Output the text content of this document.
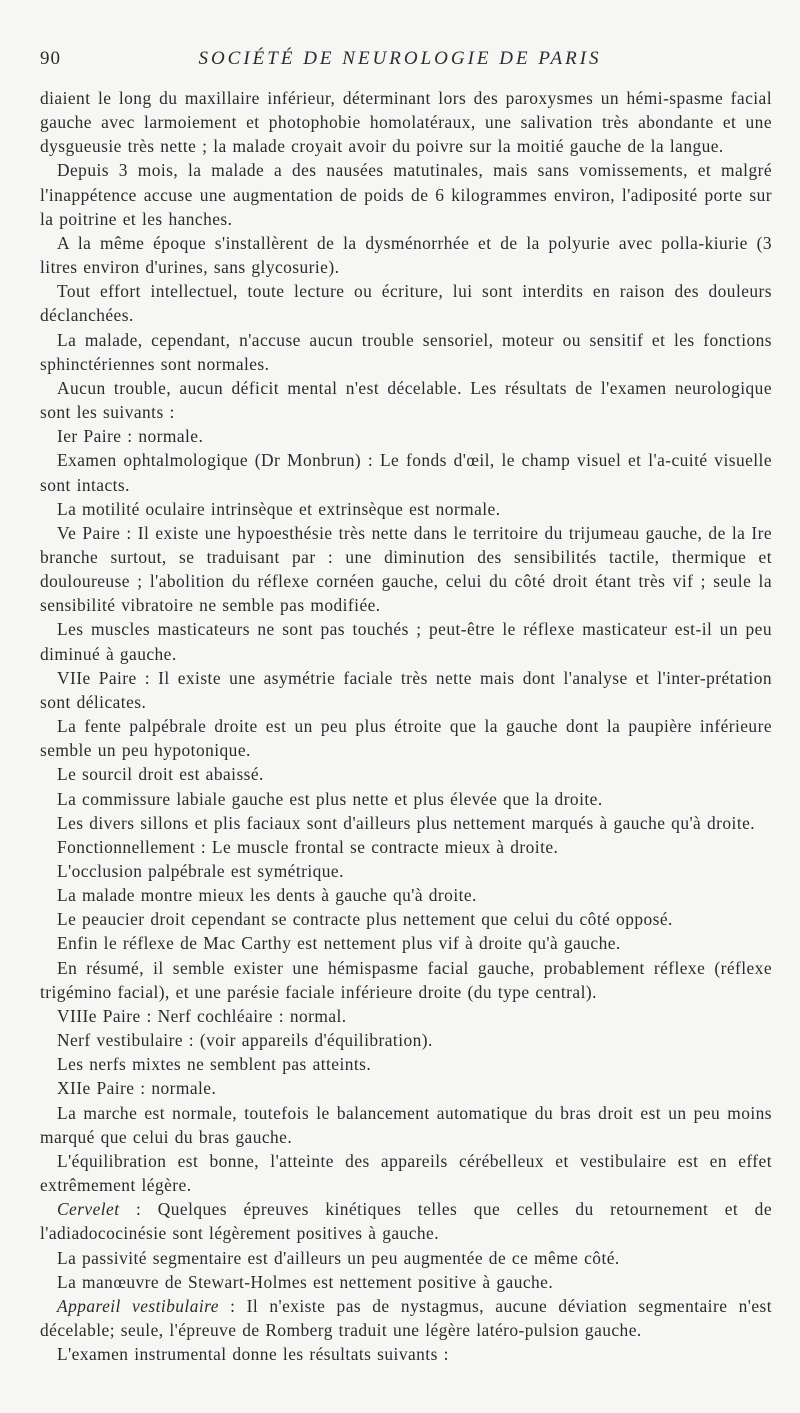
90	SOCIÉTÉ DE NEUROLOGIE DE PARIS

diaient le long du maxillaire inférieur, déterminant lors des paroxysmes un hémi-spasme facial gauche avec larmoiement et photophobie homolatéraux, une salivation très abondante et une dysgueusie très nette ; la malade croyait avoir du poivre sur la moitié gauche de la langue.

Depuis 3 mois, la malade a des nausées matutinales, mais sans vomissements, et malgré l'inappétence accuse une augmentation de poids de 6 kilogrammes environ, l'adiposité porte sur la poitrine et les hanches.

A la même époque s'installèrent de la dysménorrhée et de la polyurie avec polla-kiurie (3 litres environ d'urines, sans glycosurie).

Tout effort intellectuel, toute lecture ou écriture, lui sont interdits en raison des douleurs déclanchées.

La malade, cependant, n'accuse aucun trouble sensoriel, moteur ou sensitif et les fonctions sphinctériennes sont normales.

Aucun trouble, aucun déficit mental n'est décelable. Les résultats de l'examen neurologique sont les suivants :

Ier Paire : normale.

Examen ophtalmologique (Dr Monbrun) : Le fonds d'œil, le champ visuel et l'a-cuité visuelle sont intacts.

La motilité oculaire intrinsèque et extrinsèque est normale.

Ve Paire : Il existe une hypoesthésie très nette dans le territoire du trijumeau gauche, de la Ire branche surtout, se traduisant par : une diminution des sensibilités tactile, thermique et douloureuse ; l'abolition du réflexe cornéen gauche, celui du côté droit étant très vif ; seule la sensibilité vibratoire ne semble pas modifiée.

Les muscles masticateurs ne sont pas touchés ; peut-être le réflexe masticateur est-il un peu diminué à gauche.

VIIe Paire : Il existe une asymétrie faciale très nette mais dont l'analyse et l'inter-prétation sont délicates.

La fente palpébrale droite est un peu plus étroite que la gauche dont la paupière inférieure semble un peu hypotonique.

Le sourcil droit est abaissé.

La commissure labiale gauche est plus nette et plus élevée que la droite.

Les divers sillons et plis faciaux sont d'ailleurs plus nettement marqués à gauche qu'à droite.

Fonctionnellement : Le muscle frontal se contracte mieux à droite.

L'occlusion palpébrale est symétrique.

La malade montre mieux les dents à gauche qu'à droite.

Le peaucier droit cependant se contracte plus nettement que celui du côté opposé.

Enfin le réflexe de Mac Carthy est nettement plus vif à droite qu'à gauche.

En résumé, il semble exister une hémispasme facial gauche, probablement réflexe (réflexe trigémino facial), et une parésie faciale inférieure droite (du type central).

VIIIe Paire : Nerf cochléaire : normal.

Nerf vestibulaire : (voir appareils d'équilibration).

Les nerfs mixtes ne semblent pas atteints.

XIIe Paire : normale.

La marche est normale, toutefois le balancement automatique du bras droit est un peu moins marqué que celui du bras gauche.

L'équilibration est bonne, l'atteinte des appareils cérébelleux et vestibulaire est en effet extrêmement légère.

Cervelet : Quelques épreuves kinétiques telles que celles du retournement et de l'adiadococinésie sont légèrement positives à gauche.

La passivité segmentaire est d'ailleurs un peu augmentée de ce même côté.

La manœuvre de Stewart-Holmes est nettement positive à gauche.

Appareil vestibulaire : Il n'existe pas de nystagmus, aucune déviation segmentaire n'est décelable; seule, l'épreuve de Romberg traduit une légère latéro-pulsion gauche.

L'examen instrumental donne les résultats suivants :
